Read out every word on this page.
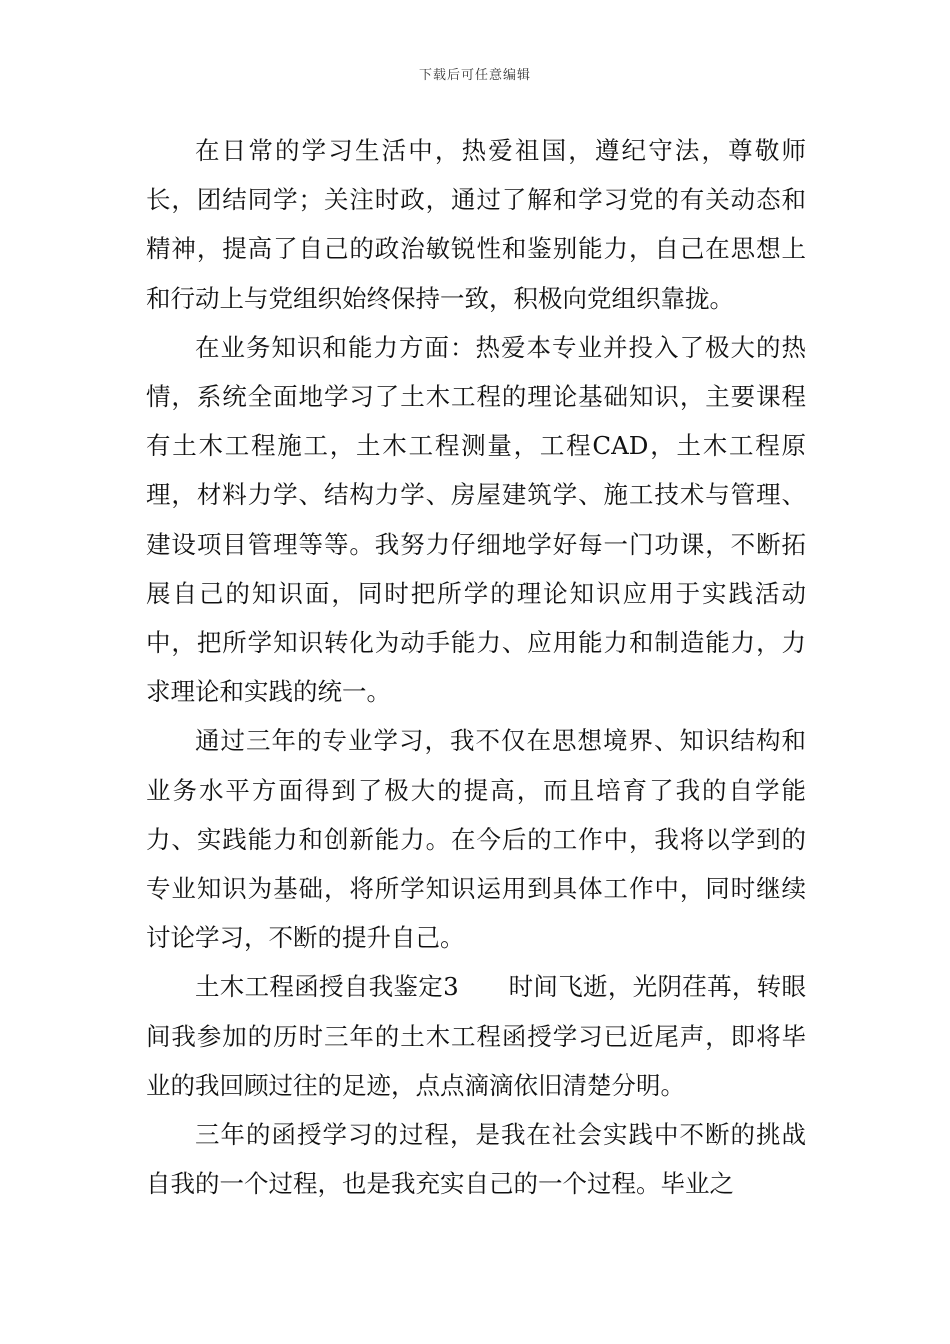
下载后可任意编辑

在日常的学习生活中，热爱祖国，遵纪守法，尊敬师长，团结同学；关注时政，通过了解和学习党的有关动态和精神，提高了自己的政治敏锐性和鉴别能力，自己在思想上和行动上与党组织始终保持一致，积极向党组织靠拢。

在业务知识和能力方面：热爱本专业并投入了极大的热情，系统全面地学习了土木工程的理论基础知识，主要课程有土木工程施工，土木工程测量，工程CAD，土木工程原理，材料力学、结构力学、房屋建筑学、施工技术与管理、建设项目管理等等。我努力仔细地学好每一门功课，不断拓展自己的知识面，同时把所学的理论知识应用于实践活动中，把所学知识转化为动手能力、应用能力和制造能力，力求理论和实践的统一。

通过三年的专业学习，我不仅在思想境界、知识结构和业务水平方面得到了极大的提高，而且培育了我的自学能力、实践能力和创新能力。在今后的工作中，我将以学到的专业知识为基础，将所学知识运用到具体工作中，同时继续讨论学习，不断的提升自己。

土木工程函授自我鉴定3　　时间飞逝，光阴荏苒，转眼间我参加的历时三年的土木工程函授学习已近尾声，即将毕业的我回顾过往的足迹，点点滴滴依旧清楚分明。

三年的函授学习的过程，是我在社会实践中不断的挑战自我的一个过程，也是我充实自己的一个过程。毕业之
